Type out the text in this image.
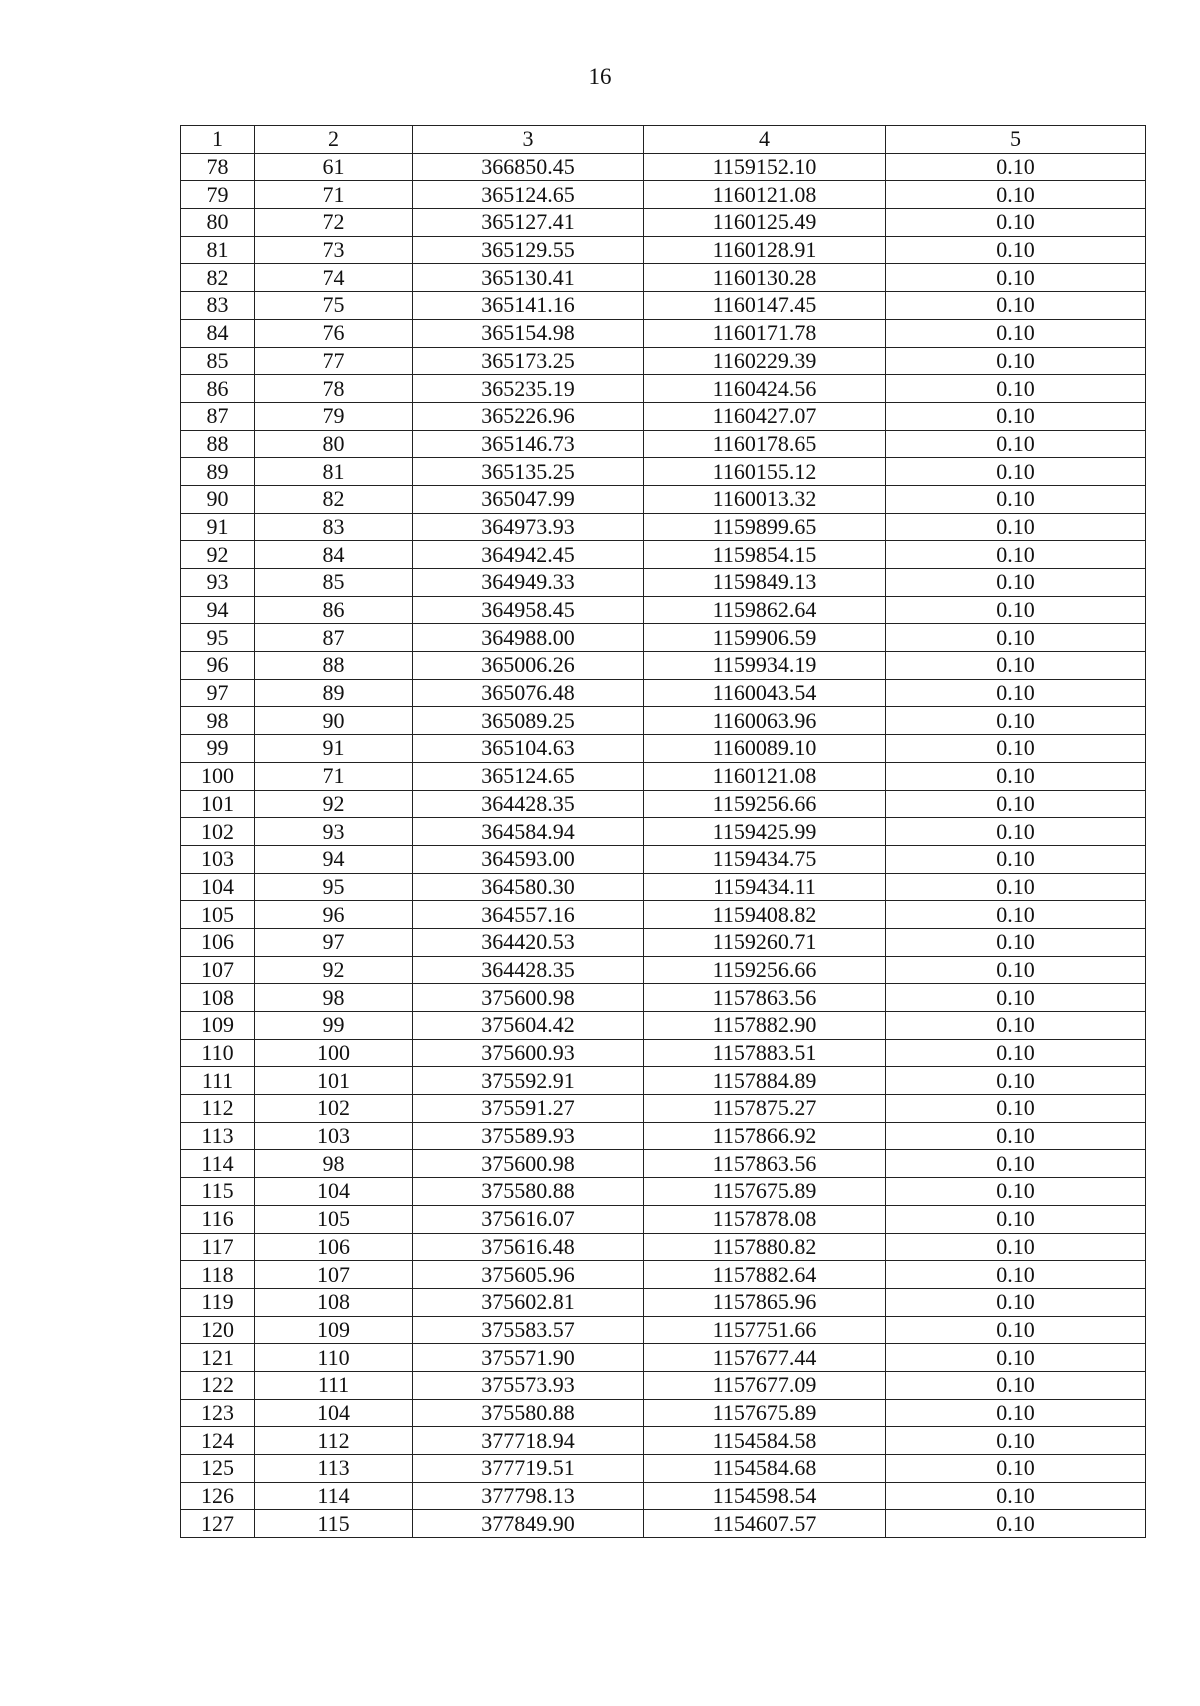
16
1	2	3	4	5
78	61	366850.45	1159152.10	0.10
79	71	365124.65	1160121.08	0.10
80	72	365127.41	1160125.49	0.10
81	73	365129.55	1160128.91	0.10
82	74	365130.41	1160130.28	0.10
83	75	365141.16	1160147.45	0.10
84	76	365154.98	1160171.78	0.10
85	77	365173.25	1160229.39	0.10
86	78	365235.19	1160424.56	0.10
87	79	365226.96	1160427.07	0.10
88	80	365146.73	1160178.65	0.10
89	81	365135.25	1160155.12	0.10
90	82	365047.99	1160013.32	0.10
91	83	364973.93	1159899.65	0.10
92	84	364942.45	1159854.15	0.10
93	85	364949.33	1159849.13	0.10
94	86	364958.45	1159862.64	0.10
95	87	364988.00	1159906.59	0.10
96	88	365006.26	1159934.19	0.10
97	89	365076.48	1160043.54	0.10
98	90	365089.25	1160063.96	0.10
99	91	365104.63	1160089.10	0.10
100	71	365124.65	1160121.08	0.10
101	92	364428.35	1159256.66	0.10
102	93	364584.94	1159425.99	0.10
103	94	364593.00	1159434.75	0.10
104	95	364580.30	1159434.11	0.10
105	96	364557.16	1159408.82	0.10
106	97	364420.53	1159260.71	0.10
107	92	364428.35	1159256.66	0.10
108	98	375600.98	1157863.56	0.10
109	99	375604.42	1157882.90	0.10
110	100	375600.93	1157883.51	0.10
111	101	375592.91	1157884.89	0.10
112	102	375591.27	1157875.27	0.10
113	103	375589.93	1157866.92	0.10
114	98	375600.98	1157863.56	0.10
115	104	375580.88	1157675.89	0.10
116	105	375616.07	1157878.08	0.10
117	106	375616.48	1157880.82	0.10
118	107	375605.96	1157882.64	0.10
119	108	375602.81	1157865.96	0.10
120	109	375583.57	1157751.66	0.10
121	110	375571.90	1157677.44	0.10
122	111	375573.93	1157677.09	0.10
123	104	375580.88	1157675.89	0.10
124	112	377718.94	1154584.58	0.10
125	113	377719.51	1154584.68	0.10
126	114	377798.13	1154598.54	0.10
127	115	377849.90	1154607.57	0.10
